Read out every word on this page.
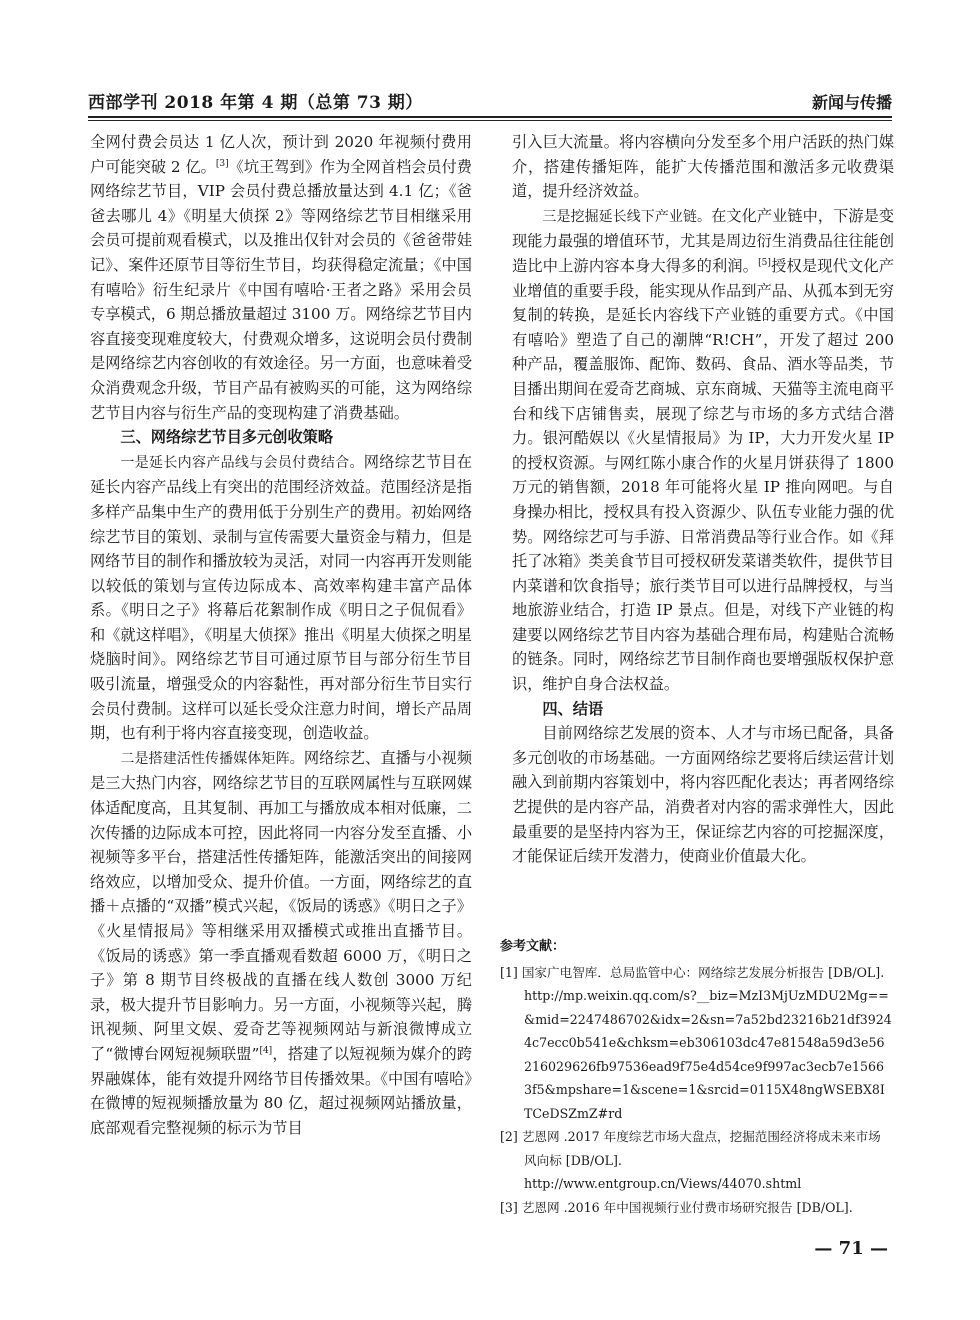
西部学刊 2018 年第 4 期（总第 73 期）	新闻与传播

全网付费会员达 1 亿人次，预计到 2020 年视频付费用户可能突破 2 亿。[3]《坑王驾到》作为全网首档会员付费网络综艺节目，VIP 会员付费总播放量达到 4.1 亿；《爸爸去哪儿 4》《明星大侦探 2》等网络综艺节目相继采用会员可提前观看模式，以及推出仅针对会员的《爸爸带娃记》、案件还原节目等衍生节目，均获得稳定流量；《中国有嘻哈》衍生纪录片《中国有嘻哈·王者之路》采用会员专享模式，6 期总播放量超过 3100 万。网络综艺节目内容直接变现难度较大，付费观众增多，这说明会员付费制是网络综艺内容创收的有效途径。另一方面，也意味着受众消费观念升级，节目产品有被购买的可能，这为网络综艺节目内容与衍生产品的变现构建了消费基础。

三、网络综艺节目多元创收策略

一是延长内容产品线与会员付费结合。网络综艺节目在延长内容产品线上有突出的范围经济效益。范围经济是指多样产品集中生产的费用低于分别生产的费用。初始网络综艺节目的策划、录制与宣传需要大量资金与精力，但是网络节目的制作和播放较为灵活，对同一内容再开发则能以较低的策划与宣传边际成本、高效率构建丰富产品体系。《明日之子》将幕后花絮制作成《明日之子侃侃看》和《就这样唱》，《明星大侦探》推出《明星大侦探之明星烧脑时间》。网络综艺节目可通过原节目与部分衍生节目吸引流量，增强受众的内容黏性，再对部分衍生节目实行会员付费制。这样可以延长受众注意力时间，增长产品周期，也有利于将内容直接变现，创造收益。

二是搭建活性传播媒体矩阵。网络综艺、直播与小视频是三大热门内容，网络综艺节目的互联网属性与互联网媒体适配度高，且其复制、再加工与播放成本相对低廉，二次传播的边际成本可控，因此将同一内容分发至直播、小视频等多平台，搭建活性传播矩阵，能激活突出的间接网络效应，以增加受众、提升价值。一方面，网络综艺的直播＋点播的“双播”模式兴起，《饭局的诱惑》《明日之子》《火星情报局》等相继采用双播模式或推出直播节目。《饭局的诱惑》第一季直播观看数超 6000 万，《明日之子》第 8 期节目终极战的直播在线人数创 3000 万纪录，极大提升节目影响力。另一方面，小视频等兴起，腾讯视频、阿里文娱、爱奇艺等视频网站与新浪微博成立了“微博台网短视频联盟”[4]，搭建了以短视频为媒介的跨界融媒体，能有效提升网络节目传播效果。《中国有嘻哈》在微博的短视频播放量为 80 亿，超过视频网站播放量，底部观看完整视频的标示为节目

引入巨大流量。将内容横向分发至多个用户活跃的热门媒介，搭建传播矩阵，能扩大传播范围和激活多元收费渠道，提升经济效益。

三是挖掘延长线下产业链。在文化产业链中，下游是变现能力最强的增值环节，尤其是周边衍生消费品往往能创造比中上游内容本身大得多的利润。[5]授权是现代文化产业增值的重要手段，能实现从作品到产品、从孤本到无穷复制的转换，是延长内容线下产业链的重要方式。《中国有嘻哈》塑造了自己的潮牌“R!CH”，开发了超过 200 种产品，覆盖服饰、配饰、数码、食品、酒水等品类，节目播出期间在爱奇艺商城、京东商城、天猫等主流电商平台和线下店铺售卖，展现了综艺与市场的多方式结合潜力。银河酷娱以《火星情报局》为 IP，大力开发火星 IP 的授权资源。与网红陈小康合作的火星月饼获得了 1800 万元的销售额，2018 年可能将火星 IP 推向网吧。与自身操办相比，授权具有投入资源少、队伍专业能力强的优势。网络综艺可与手游、日常消费品等行业合作。如《拜托了冰箱》类美食节目可授权研发菜谱类软件，提供节目内菜谱和饮食指导；旅行类节目可以进行品牌授权，与当地旅游业结合，打造 IP 景点。但是，对线下产业链的构建要以网络综艺节目内容为基础合理布局，构建贴合流畅的链条。同时，网络综艺节目制作商也要增强版权保护意识，维护自身合法权益。

四、结语

目前网络综艺发展的资本、人才与市场已配备，具备多元创收的市场基础。一方面网络综艺要将后续运营计划融入到前期内容策划中，将内容匹配化表达；再者网络综艺提供的是内容产品，消费者对内容的需求弹性大，因此最重要的是坚持内容为王，保证综艺内容的可挖掘深度，才能保证后续开发潜力，使商业价值最大化。

参考文献：
[1] 国家广电智库．总局监管中心：网络综艺发展分析报告 [DB/OL].
http://mp.weixin.qq.com/s?__biz=MzI3MjUzMDU2Mg==&mid=2247486702&idx=2&sn=7a52bd23216b21df39244c7ecc0b541e&chksm=eb306103dc47e81548a59d3e56216029626fb97536ead9f75e4d54ce9f997ac3ecb7e15663f5&mpshare=1&scene=1&srcid=0115X48ngWSEBX8ITCeDSZmZ#rd
[2] 艺恩网 .2017 年度综艺市场大盘点，挖掘范围经济将成未来市场风向标 [DB/OL].
http://www.entgroup.cn/Views/44070.shtml
[3] 艺恩网 .2016 年中国视频行业付费市场研究报告 [DB/OL].
— 71 —
